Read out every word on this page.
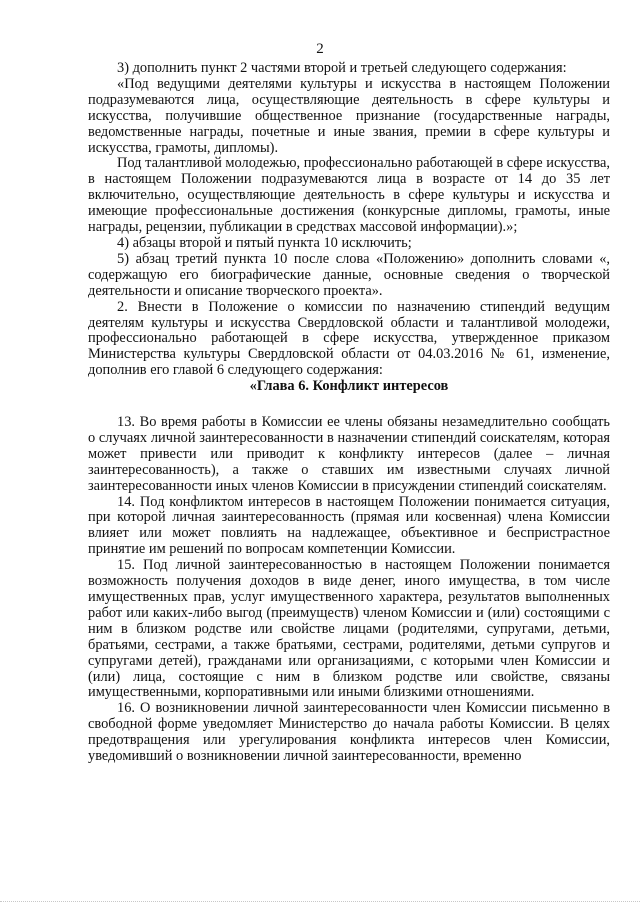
2

3) дополнить пункт 2 частями второй и третьей следующего содержания:

«Под ведущими деятелями культуры и искусства в настоящем Положении подразумеваются лица, осуществляющие деятельность в сфере культуры и искусства, получившие общественное признание (государственные награды, ведомственные награды, почетные и иные звания, премии в сфере культуры и искусства, грамоты, дипломы).

Под талантливой молодежью, профессионально работающей в сфере искусства, в настоящем Положении подразумеваются лица в возрасте от 14 до 35 лет включительно, осуществляющие деятельность в сфере культуры и искусства и имеющие профессиональные достижения (конкурсные дипломы, грамоты, иные награды, рецензии, публикации в средствах массовой информации).»;

4) абзацы второй и пятый пункта 10 исключить;

5) абзац третий пункта 10 после слова «Положению» дополнить словами «, содержащую его биографические данные, основные сведения о творческой деятельности и описание творческого проекта».

2. Внести в Положение о комиссии по назначению стипендий ведущим деятелям культуры и искусства Свердловской области и талантливой молодежи, профессионально работающей в сфере искусства, утвержденное приказом Министерства культуры Свердловской области от 04.03.2016 № 61, изменение, дополнив его главой 6 следующего содержания:

«Глава 6. Конфликт интересов

13. Во время работы в Комиссии ее члены обязаны незамедлительно сообщать о случаях личной заинтересованности в назначении стипендий соискателям, которая может привести или приводит к конфликту интересов (далее – личная заинтересованность), а также о ставших им известными случаях личной заинтересованности иных членов Комиссии в присуждении стипендий соискателям.

14. Под конфликтом интересов в настоящем Положении понимается ситуация, при которой личная заинтересованность (прямая или косвенная) члена Комиссии влияет или может повлиять на надлежащее, объективное и беспристрастное принятие им решений по вопросам компетенции Комиссии.

15. Под личной заинтересованностью в настоящем Положении понимается возможность получения доходов в виде денег, иного имущества, в том числе имущественных прав, услуг имущественного характера, результатов выполненных работ или каких-либо выгод (преимуществ) членом Комиссии и (или) состоящими с ним в близком родстве или свойстве лицами (родителями, супругами, детьми, братьями, сестрами, а также братьями, сестрами, родителями, детьми супругов и супругами детей), гражданами или организациями, с которыми член Комиссии и (или) лица, состоящие с ним в близком родстве или свойстве, связаны имущественными, корпоративными или иными близкими отношениями.

16. О возникновении личной заинтересованности член Комиссии письменно в свободной форме уведомляет Министерство до начала работы Комиссии. В целях предотвращения или урегулирования конфликта интересов член Комиссии, уведомивший о возникновении личной заинтересованности, временно
